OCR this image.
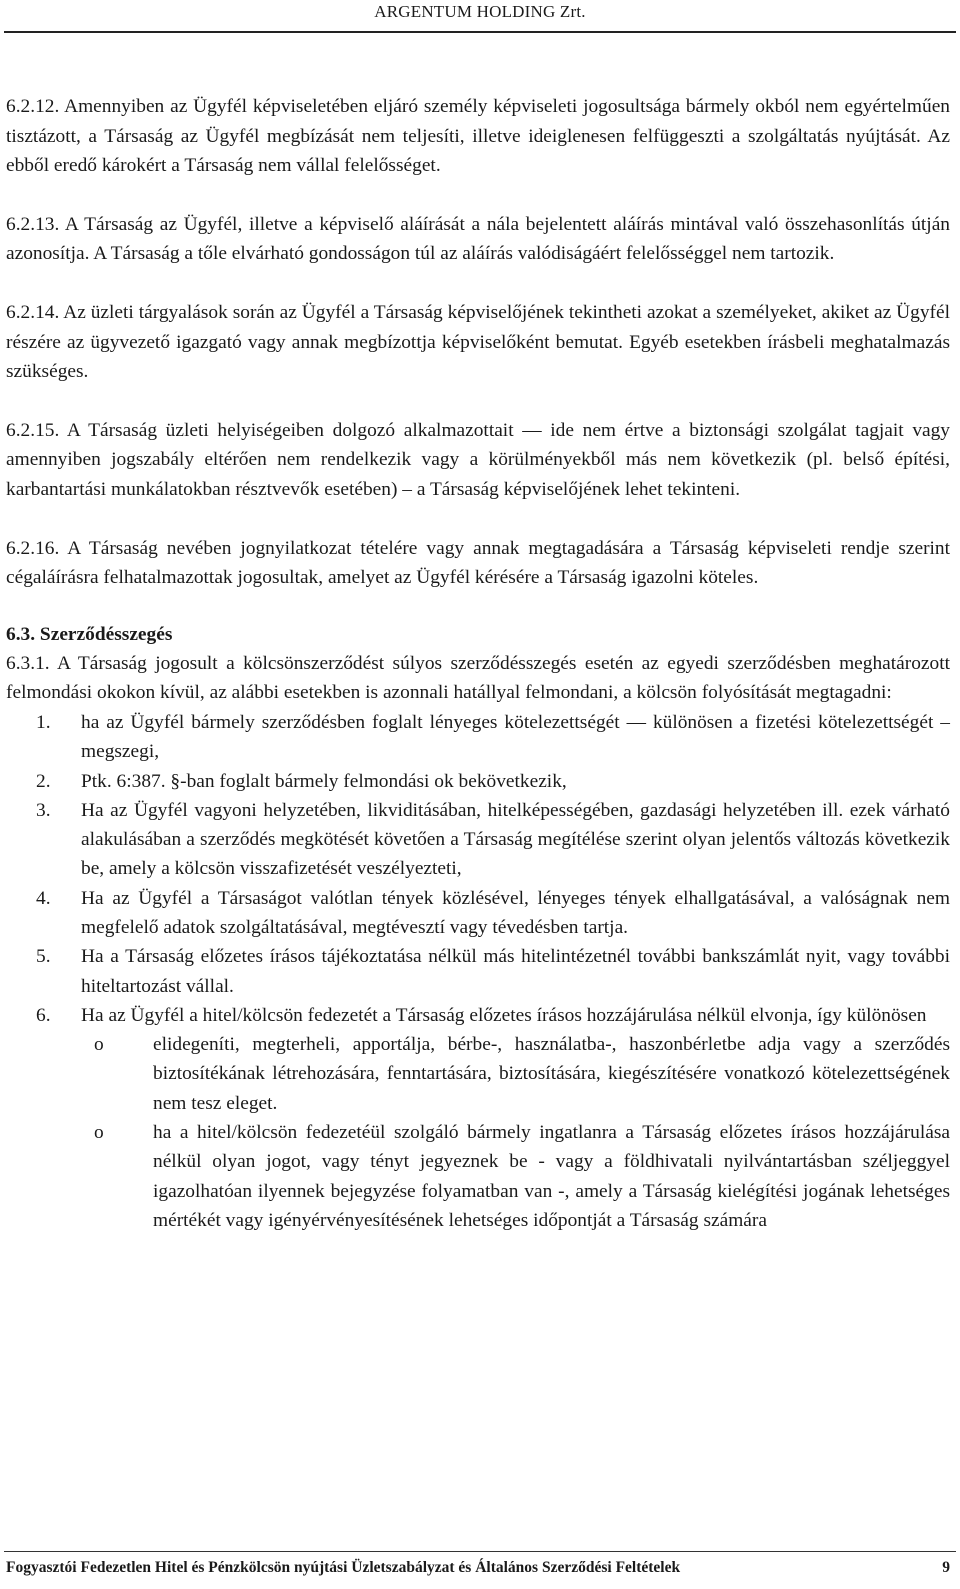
ARGENTUM HOLDING Zrt.

6.2.12. Amennyiben az Ügyfél képviseletében eljáró személy képviseleti jogosultsága bármely okból nem egyértelműen tisztázott, a Társaság az Ügyfél megbízását nem teljesíti, illetve ideiglenesen felfüggeszti a szolgáltatás nyújtását. Az ebből eredő károkért a Társaság nem vállal felelősséget.

6.2.13. A Társaság az Ügyfél, illetve a képviselő aláírását a nála bejelentett aláírás mintával való összehasonlítás útján azonosítja. A Társaság a tőle elvárható gondosságon túl az aláírás valódiságáért felelősséggel nem tartozik.

6.2.14. Az üzleti tárgyalások során az Ügyfél a Társaság képviselőjének tekintheti azokat a személyeket, akiket az Ügyfél részére az ügyvezető igazgató vagy annak megbízottja képviselőként bemutat. Egyéb esetekben írásbeli meghatalmazás szükséges.

6.2.15. A Társaság üzleti helyiségeiben dolgozó alkalmazottait — ide nem értve a biztonsági szolgálat tagjait vagy amennyiben jogszabály eltérően nem rendelkezik vagy a körülményekből más nem következik (pl. belső építési, karbantartási munkálatokban résztvevők esetében) – a Társaság képviselőjének lehet tekinteni.

6.2.16. A Társaság nevében jognyilatkozat tételére vagy annak megtagadására a Társaság képviseleti rendje szerint cégaláírásra felhatalmazottak jogosultak, amelyet az Ügyfél kérésére a Társaság igazolni köteles.

6.3. Szerződésszegés

6.3.1. A Társaság jogosult a kölcsönszerződést súlyos szerződésszegés esetén az egyedi szerződésben meghatározott felmondási okokon kívül, az alábbi esetekben is azonnali hatállyal felmondani, a kölcsön folyósítását megtagadni:

1.	ha az Ügyfél bármely szerződésben foglalt lényeges kötelezettségét — különösen a fizetési kötelezettségét – megszegi,
2.	Ptk. 6:387. §-ban foglalt bármely felmondási ok bekövetkezik,
3.	Ha az Ügyfél vagyoni helyzetében, likviditásában, hitelképességében, gazdasági helyzetében ill. ezek várható alakulásában a szerződés megkötését követően a Társaság megítélése szerint olyan jelentős változás következik be, amely a kölcsön visszafizetését veszélyezteti,
4.	Ha az Ügyfél a Társaságot valótlan tények közlésével, lényeges tények elhallgatásával, a valóságnak nem megfelelő adatok szolgáltatásával, megtévesztí vagy tévedésben tartja.
5.	Ha a Társaság előzetes írásos tájékoztatása nélkül más hitelintézetnél további bankszámlát nyit, vagy további hiteltartozást vállal.
6.	Ha az Ügyfél a hitel/kölcsön fedezetét a Társaság előzetes írásos hozzájárulása nélkül elvonja, így különösen
o	elidegeníti, megterheli, apportálja, bérbe-, használatba-, haszonbérletbe adja vagy a szerződés biztosítékának létrehozására, fenntartására, biztosítására, kiegészítésére vonatkozó kötelezettségének nem tesz eleget.
o	ha a hitel/kölcsön fedezetéül szolgáló bármely ingatlanra a Társaság előzetes írásos hozzájárulása nélkül olyan jogot, vagy tényt jegyeznek be - vagy a földhivatali nyilvántartásban széljeggyel igazolhatóan ilyennek bejegyzése folyamatban van -, amely a Társaság kielégítési jogának lehetséges mértékét vagy igényérvényesítésének lehetséges időpontját a Társaság számára
Fogyasztói Fedezetlen Hitel és Pénzkölcsön nyújtási Üzletszabályzat és Általános Szerződési Feltételek	9
